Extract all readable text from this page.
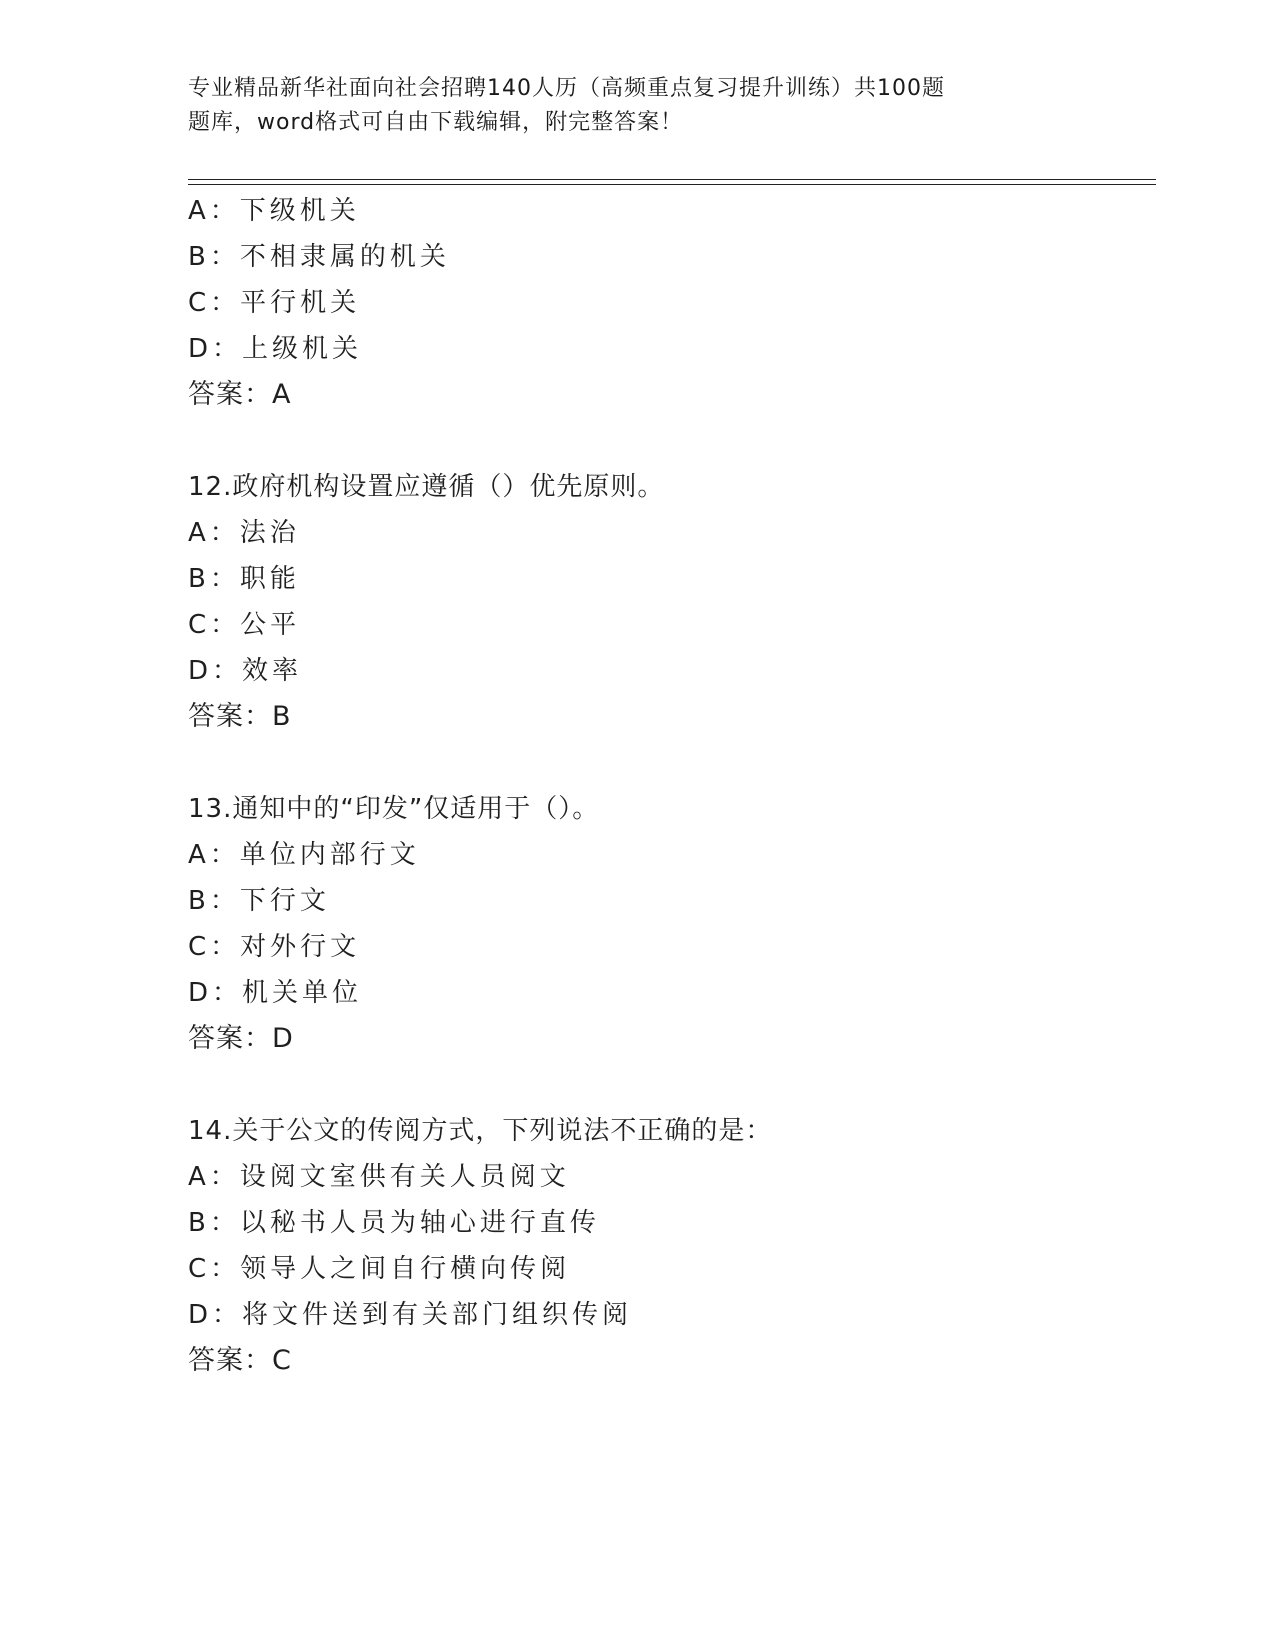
专业精品新华社面向社会招聘140人历（高频重点复习提升训练）共100题
题库，word格式可自由下载编辑，附完整答案！
A：下级机关
B：不相隶属的机关
C：平行机关
D：上级机关
答案：A
12.政府机构设置应遵循（）优先原则。
A：法治
B：职能
C：公平
D：效率
答案：B
13.通知中的“印发”仅适用于（）。
A：单位内部行文
B：下行文
C：对外行文
D：机关单位
答案：D
14.关于公文的传阅方式，下列说法不正确的是：
A：设阅文室供有关人员阅文
B：以秘书人员为轴心进行直传
C：领导人之间自行横向传阅
D：将文件送到有关部门组织传阅
答案：C
